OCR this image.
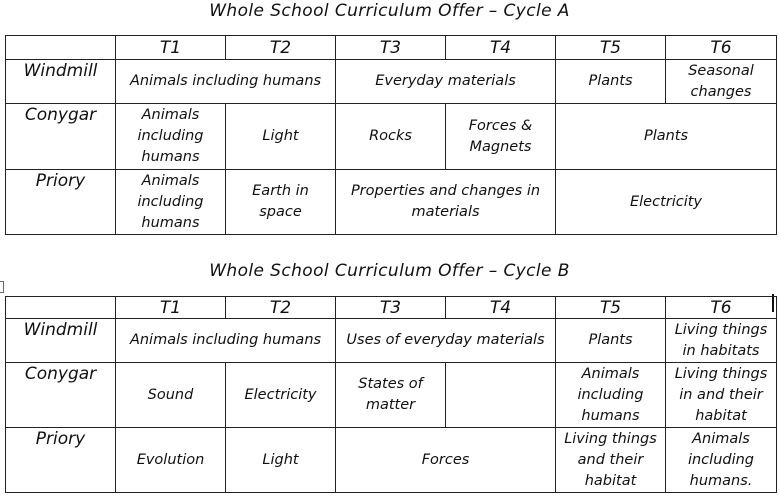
Whole School Curriculum Offer – Cycle A
	T1	T2	T3	T4	T5	T6
Windmill	Animals including humans		Everyday materials		Plants	Seasonal changes
Conygar	Animals including humans	Light	Rocks	Forces & Magnets	Plants	
Priory	Animals including humans	Earth in space	Properties and changes in materials		Electricity	
Whole School Curriculum Offer – Cycle B
	T1	T2	T3	T4	T5	T6
Windmill	Animals including humans		Uses of everyday materials		Plants	Living things in habitats
Conygar	Sound	Electricity	States of matter		Animals including humans	Living things in and their habitat
Priory	Evolution	Light	Forces		Living things and their habitat	Animals including humans.
